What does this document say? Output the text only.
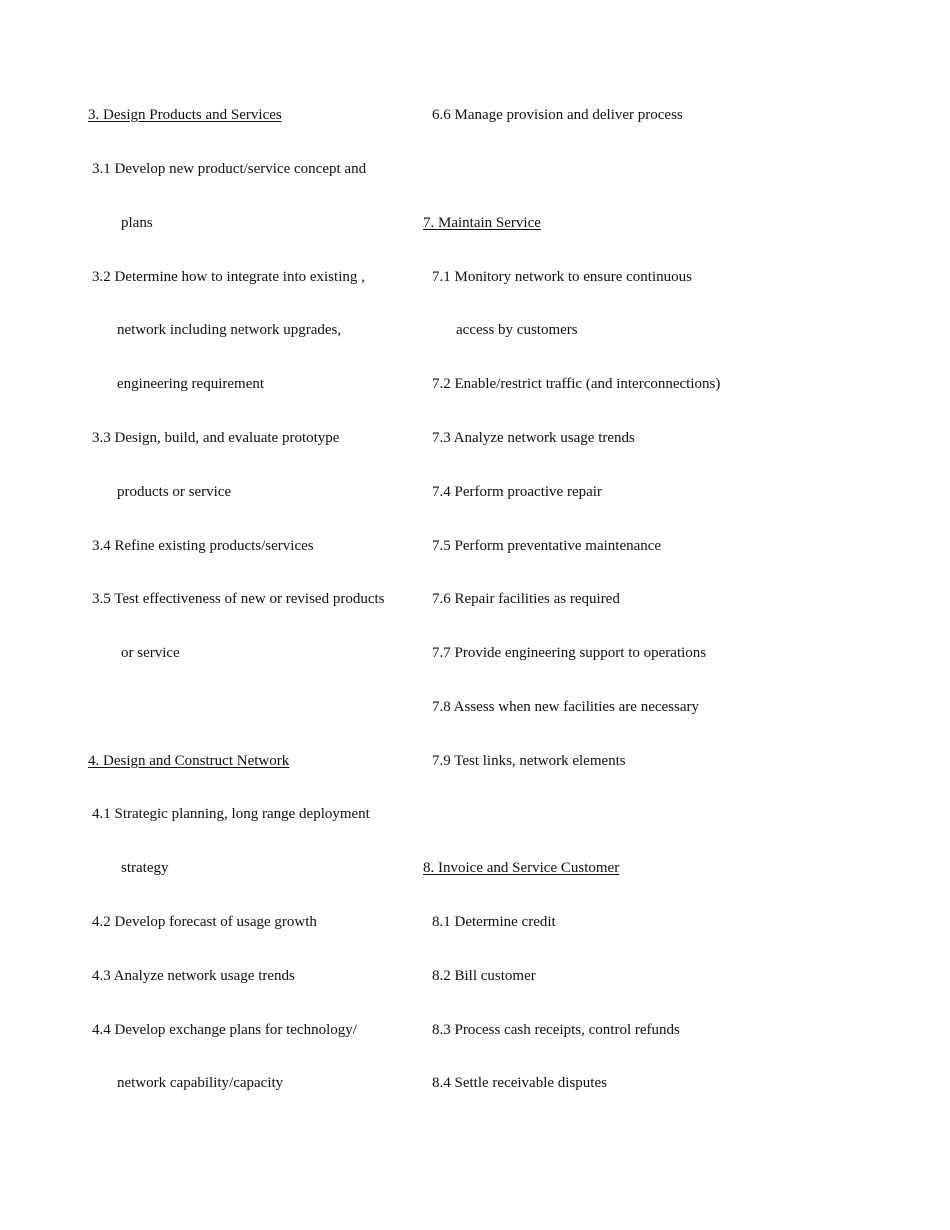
3. Design Products and Services
3.1 Develop new product/service concept and
plans
3.2 Determine how to integrate into existing ,
network including network upgrades,
engineering requirement
3.3 Design, build, and evaluate prototype
products or service
3.4 Refine existing products/services
3.5 Test effectiveness of new or revised products
or service
4. Design and Construct Network
4.1 Strategic planning, long range deployment
strategy
4.2 Develop forecast of usage growth
4.3 Analyze network usage trends
4.4 Develop exchange plans for technology/
network capability/capacity
6.6 Manage provision and deliver process
7. Maintain Service
7.1 Monitory network to ensure continuous
access by customers
7.2 Enable/restrict traffic (and interconnections)
7.3 Analyze network usage trends
7.4 Perform proactive repair
7.5 Perform preventative maintenance
7.6 Repair facilities as required
7.7 Provide engineering support to operations
7.8 Assess when new facilities are necessary
7.9 Test links, network elements
8. Invoice and Service Customer
8.1 Determine credit
8.2 Bill customer
8.3 Process cash receipts, control refunds
8.4 Settle receivable disputes
